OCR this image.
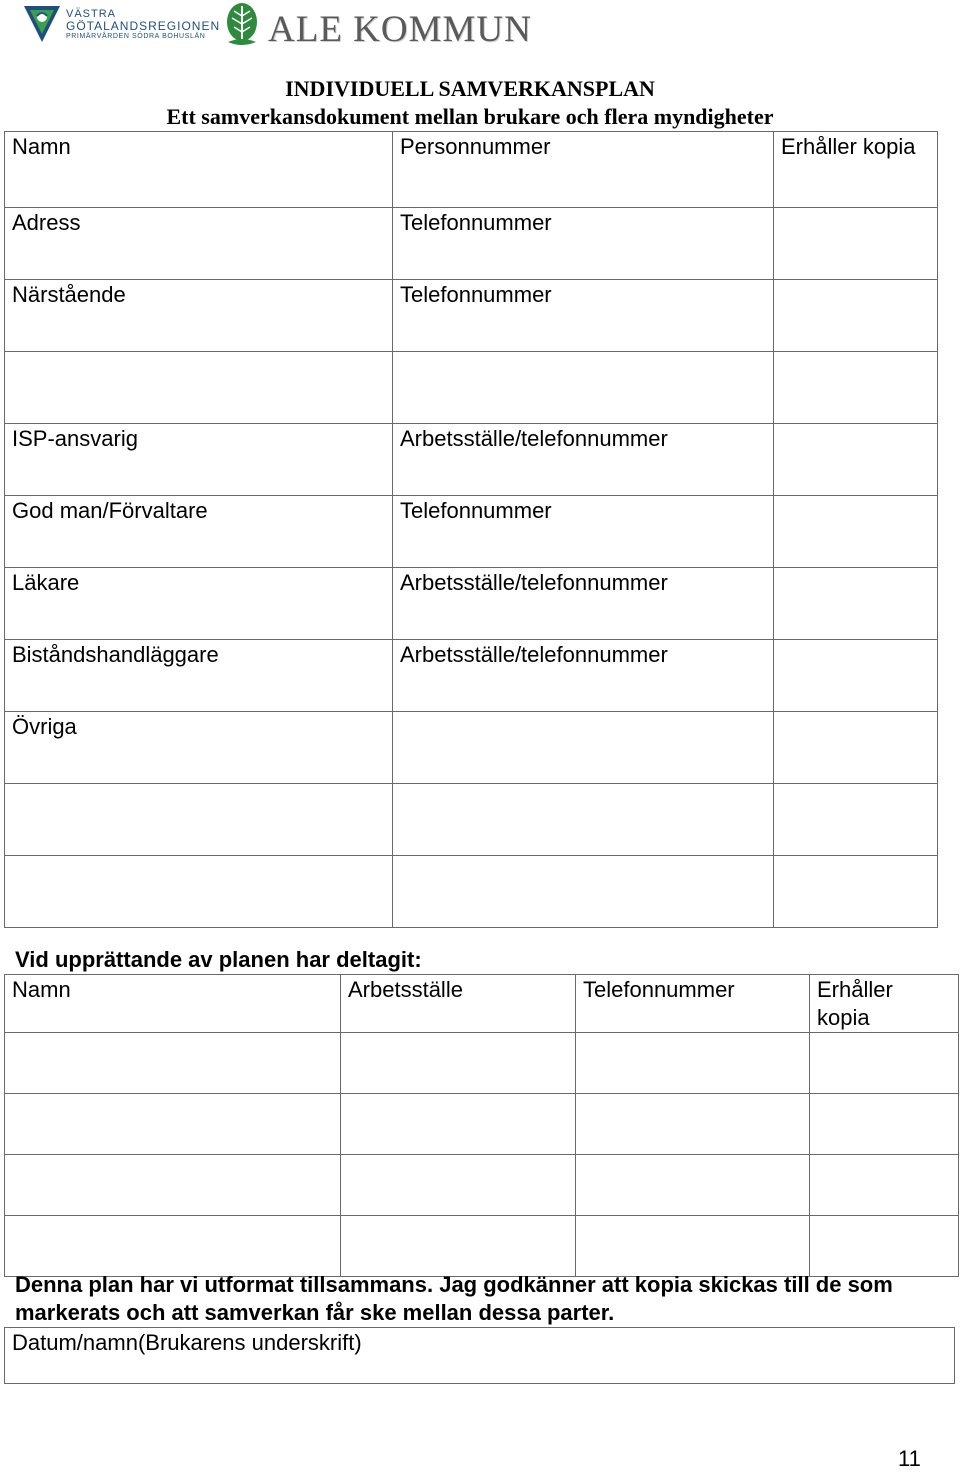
VÄSTRA
GÖTALANDSREGIONEN
PRIMÄRVÅRDEN SÖDRA BOHUSLÄN	ALE KOMMUN
INDIVIDUELL SAMVERKANSPLAN
Ett samverkansdokument mellan brukare och flera myndigheter
Namn	Personnummer	Erhåller kopia
Adress	Telefonnummer	
Närstående	Telefonnummer	

ISP-ansvarig	Arbetsställe/telefonnummer	
God man/Förvaltare	Telefonnummer	
Läkare	Arbetsställe/telefonnummer	
Biståndshandläggare	Arbetsställe/telefonnummer	
Övriga		

Vid upprättande av planen har deltagit:
Namn	Arbetsställe	Telefonnummer	Erhåller kopia

Denna plan har vi utformat tillsammans. Jag godkänner att kopia skickas till de som markerats och att samverkan får ske mellan dessa parter.
Datum/namn(Brukarens underskrift)
11
